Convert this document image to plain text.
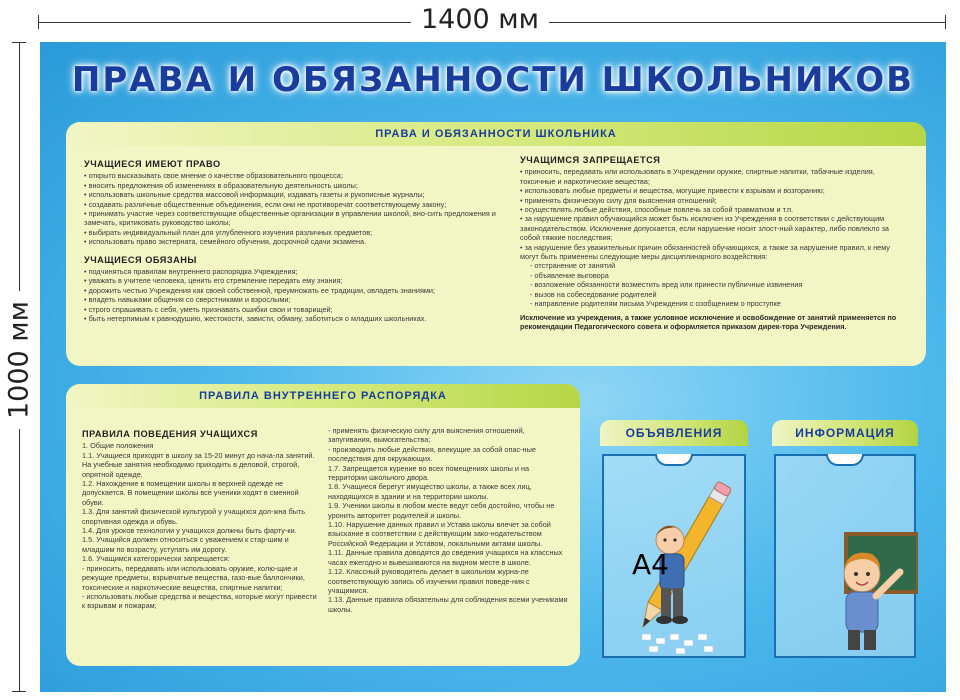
1400 мм
1000 мм
ПРАВА И ОБЯЗАННОСТИ ШКОЛЬНИКОВ
ПРАВА И ОБЯЗАННОСТИ ШКОЛЬНИКА
УЧАЩИЕСЯ ИМЕЮТ ПРАВО
• открыто высказывать свое мнение о качестве образовательного процесса;
• вносить предложения об изменениях в образовательную деятельность школы;
• использовать школьные средства массовой информации, издавать газеты и рукописные журналы;
• создавать различные общественные объединения, если они не противоречат соответствующему закону;
• принимать участие через соответствующие общественные организации в управлении школой, вно-сить предложения и замечать, критиковать руководство школы;
• выбирать индивидуальный план для углубленного изучения различных предметов;
• использовать право экстерната, семейного обучения, досрочной сдачи экзамена.
УЧАЩИЕСЯ ОБЯЗАНЫ
• подчиняться правилам внутреннего распорядка Учреждения;
• уважать в учителе человека, ценить его стремление передать ему знания;
• дорожить честью Учреждения как своей собственной, преумножать ее традиции, овладеть знаниями;
• владеть навыками общения со сверстниками и взрослыми;
• строго спрашивать с себя, уметь признавать ошибки свои и товарищей;
• быть нетерпимым к равнодушию, жестокости, зависти, обману, заботиться о младших школьниках.
УЧАЩИМСЯ ЗАПРЕЩАЕТСЯ
• приносить, передавать или использовать в Учреждении оружие, спиртные напитки, табачные изделия, токсичные и наркотические вещества;
• использовать любые предметы и вещества, могущие привести к взрывам и возгоранию;
• применять физическую силу для выяснения отношений;
• осуществлять любые действия, способные повлечь за собой травматизм и т.п.
• за нарушение правил обучающийся может быть исключен из Учреждения в соответствии с действующим законодательством. Исключение допускается, если нарушение носит злост-ный характер, либо повлекло за собой тяжкие последствия;
• за нарушение без уважительных причин обязанностей обучающихся, а также за нарушение правил, к нему могут быть применены следующие меры дисциплинарного воздействия:
- отстранение от занятий
- объявление выговора
- возложение обязанности возместить вред или принести публичные извинения
- вызов на собеседование родителей
- направление родителям письма Учреждения с сообщением о проступке
Исключение из учреждения, а также условное исключение и освобождение от занятий применяется по рекомендации Педагогического совета и оформляется приказом дирек-тора Учреждения.
ПРАВИЛА ВНУТРЕННЕГО РАСПОРЯДКА
ПРАВИЛА ПОВЕДЕНИЯ УЧАЩИХСЯ
1. Общие положения
1.1. Учащиеся приходят в школу за 15-20 минут до нача-ла занятий. На учебные занятия необходимо приходить в деловой, строгой, опрятной одежде.
1.2. Нахождение в помещении школы в верхней одежде не допускается. В помещении школы все ученики ходят в сменной обуви.
1.3. Для занятий физической культурой у учащихся дол-жна быть спортивная одежда и обувь.
1.4. Для уроков технологии у учащихся должны быть фарту-ки.
1.5. Учащийся должен относиться с уважением к стар-шим и младшим по возрасту, уступать им дорогу.
1.6. Учащимся категорически запрещается:
- приносить, передавать или использовать оружие, колю-щие и режущие предметы, взрывчатые вещества, газо-вые баллончики, токсические и наркотические вещества, спиртные напитки;
- использовать любые средства и вещества, которые могут привести к взрывам и пожарам;
- применять физическую силу для выяснения отношений, запугивания, вымогательства;
- производить любые действия, влекущие за собой опас-ные последствия для окружающих.
1.7. Запрещается курение во всех помещениях школы и на территории школьного двора.
1.8. Учащиеся берегут имущество школы, а также всех лиц, находящихся в здании и на территории школы.
1.9. Ученики школы в любом месте ведут себя достойно, чтобы не уронить авторитет родителей и школы.
1.10. Нарушение данных правил и Устава школы влечет за собой взыскание в соответствии с действующим зако-нодательством Российской Федерации и Уставом, локальными актами школы.
1.11. Данные правила доводятся до сведения учащихся на классных часах ежегодно и вывешиваются на видном месте в школе.
1.12. Классный руководитель делает в школьном журна-ле соответствующую запись об изучении правил поведе-ния с учащимися.
1.13. Данные правила обязательны для соблюдения всеми учениками школы.
ОБЪЯВЛЕНИЯ
A4
ИНФОРМАЦИЯ
